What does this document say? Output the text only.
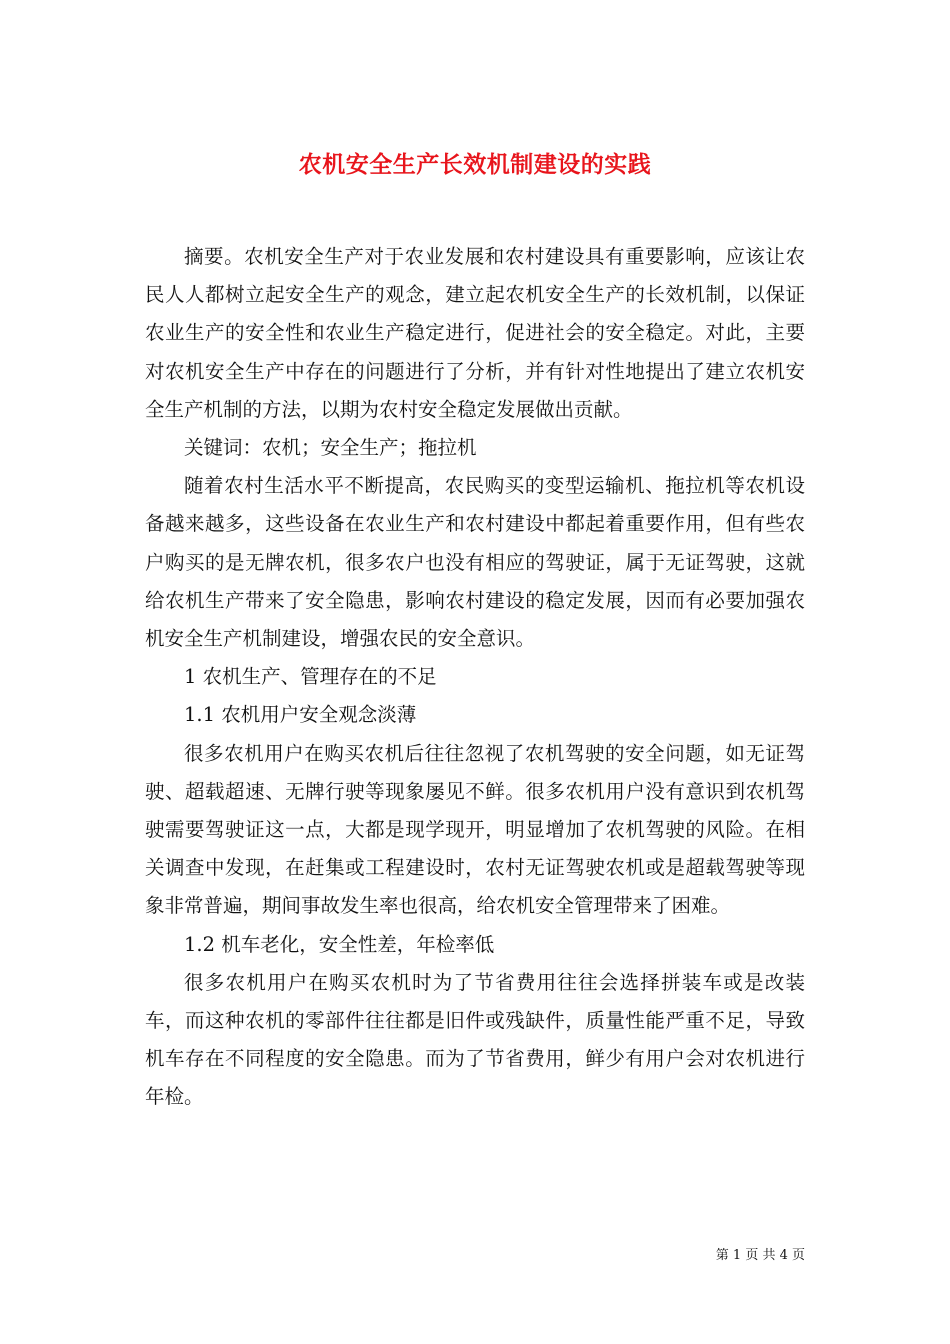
农机安全生产长效机制建设的实践

摘要。农机安全生产对于农业发展和农村建设具有重要影响，应该让农民人人都树立起安全生产的观念，建立起农机安全生产的长效机制，以保证农业生产的安全性和农业生产稳定进行，促进社会的安全稳定。对此，主要对农机安全生产中存在的问题进行了分析，并有针对性地提出了建立农机安全生产机制的方法，以期为农村安全稳定发展做出贡献。

关键词：农机；安全生产；拖拉机

随着农村生活水平不断提高，农民购买的变型运输机、拖拉机等农机设备越来越多，这些设备在农业生产和农村建设中都起着重要作用，但有些农户购买的是无牌农机，很多农户也没有相应的驾驶证，属于无证驾驶，这就给农机生产带来了安全隐患，影响农村建设的稳定发展，因而有必要加强农机安全生产机制建设，增强农民的安全意识。

1 农机生产、管理存在的不足

1.1 农机用户安全观念淡薄

很多农机用户在购买农机后往往忽视了农机驾驶的安全问题，如无证驾驶、超载超速、无牌行驶等现象屡见不鲜。很多农机用户没有意识到农机驾驶需要驾驶证这一点，大都是现学现开，明显增加了农机驾驶的风险。在相关调查中发现，在赶集或工程建设时，农村无证驾驶农机或是超载驾驶等现象非常普遍，期间事故发生率也很高，给农机安全管理带来了困难。

1.2 机车老化，安全性差，年检率低

很多农机用户在购买农机时为了节省费用往往会选择拼装车或是改装车，而这种农机的零部件往往都是旧件或残缺件，质量性能严重不足，导致机车存在不同程度的安全隐患。而为了节省费用，鲜少有用户会对农机进行年检。

第 1 页 共 4 页
